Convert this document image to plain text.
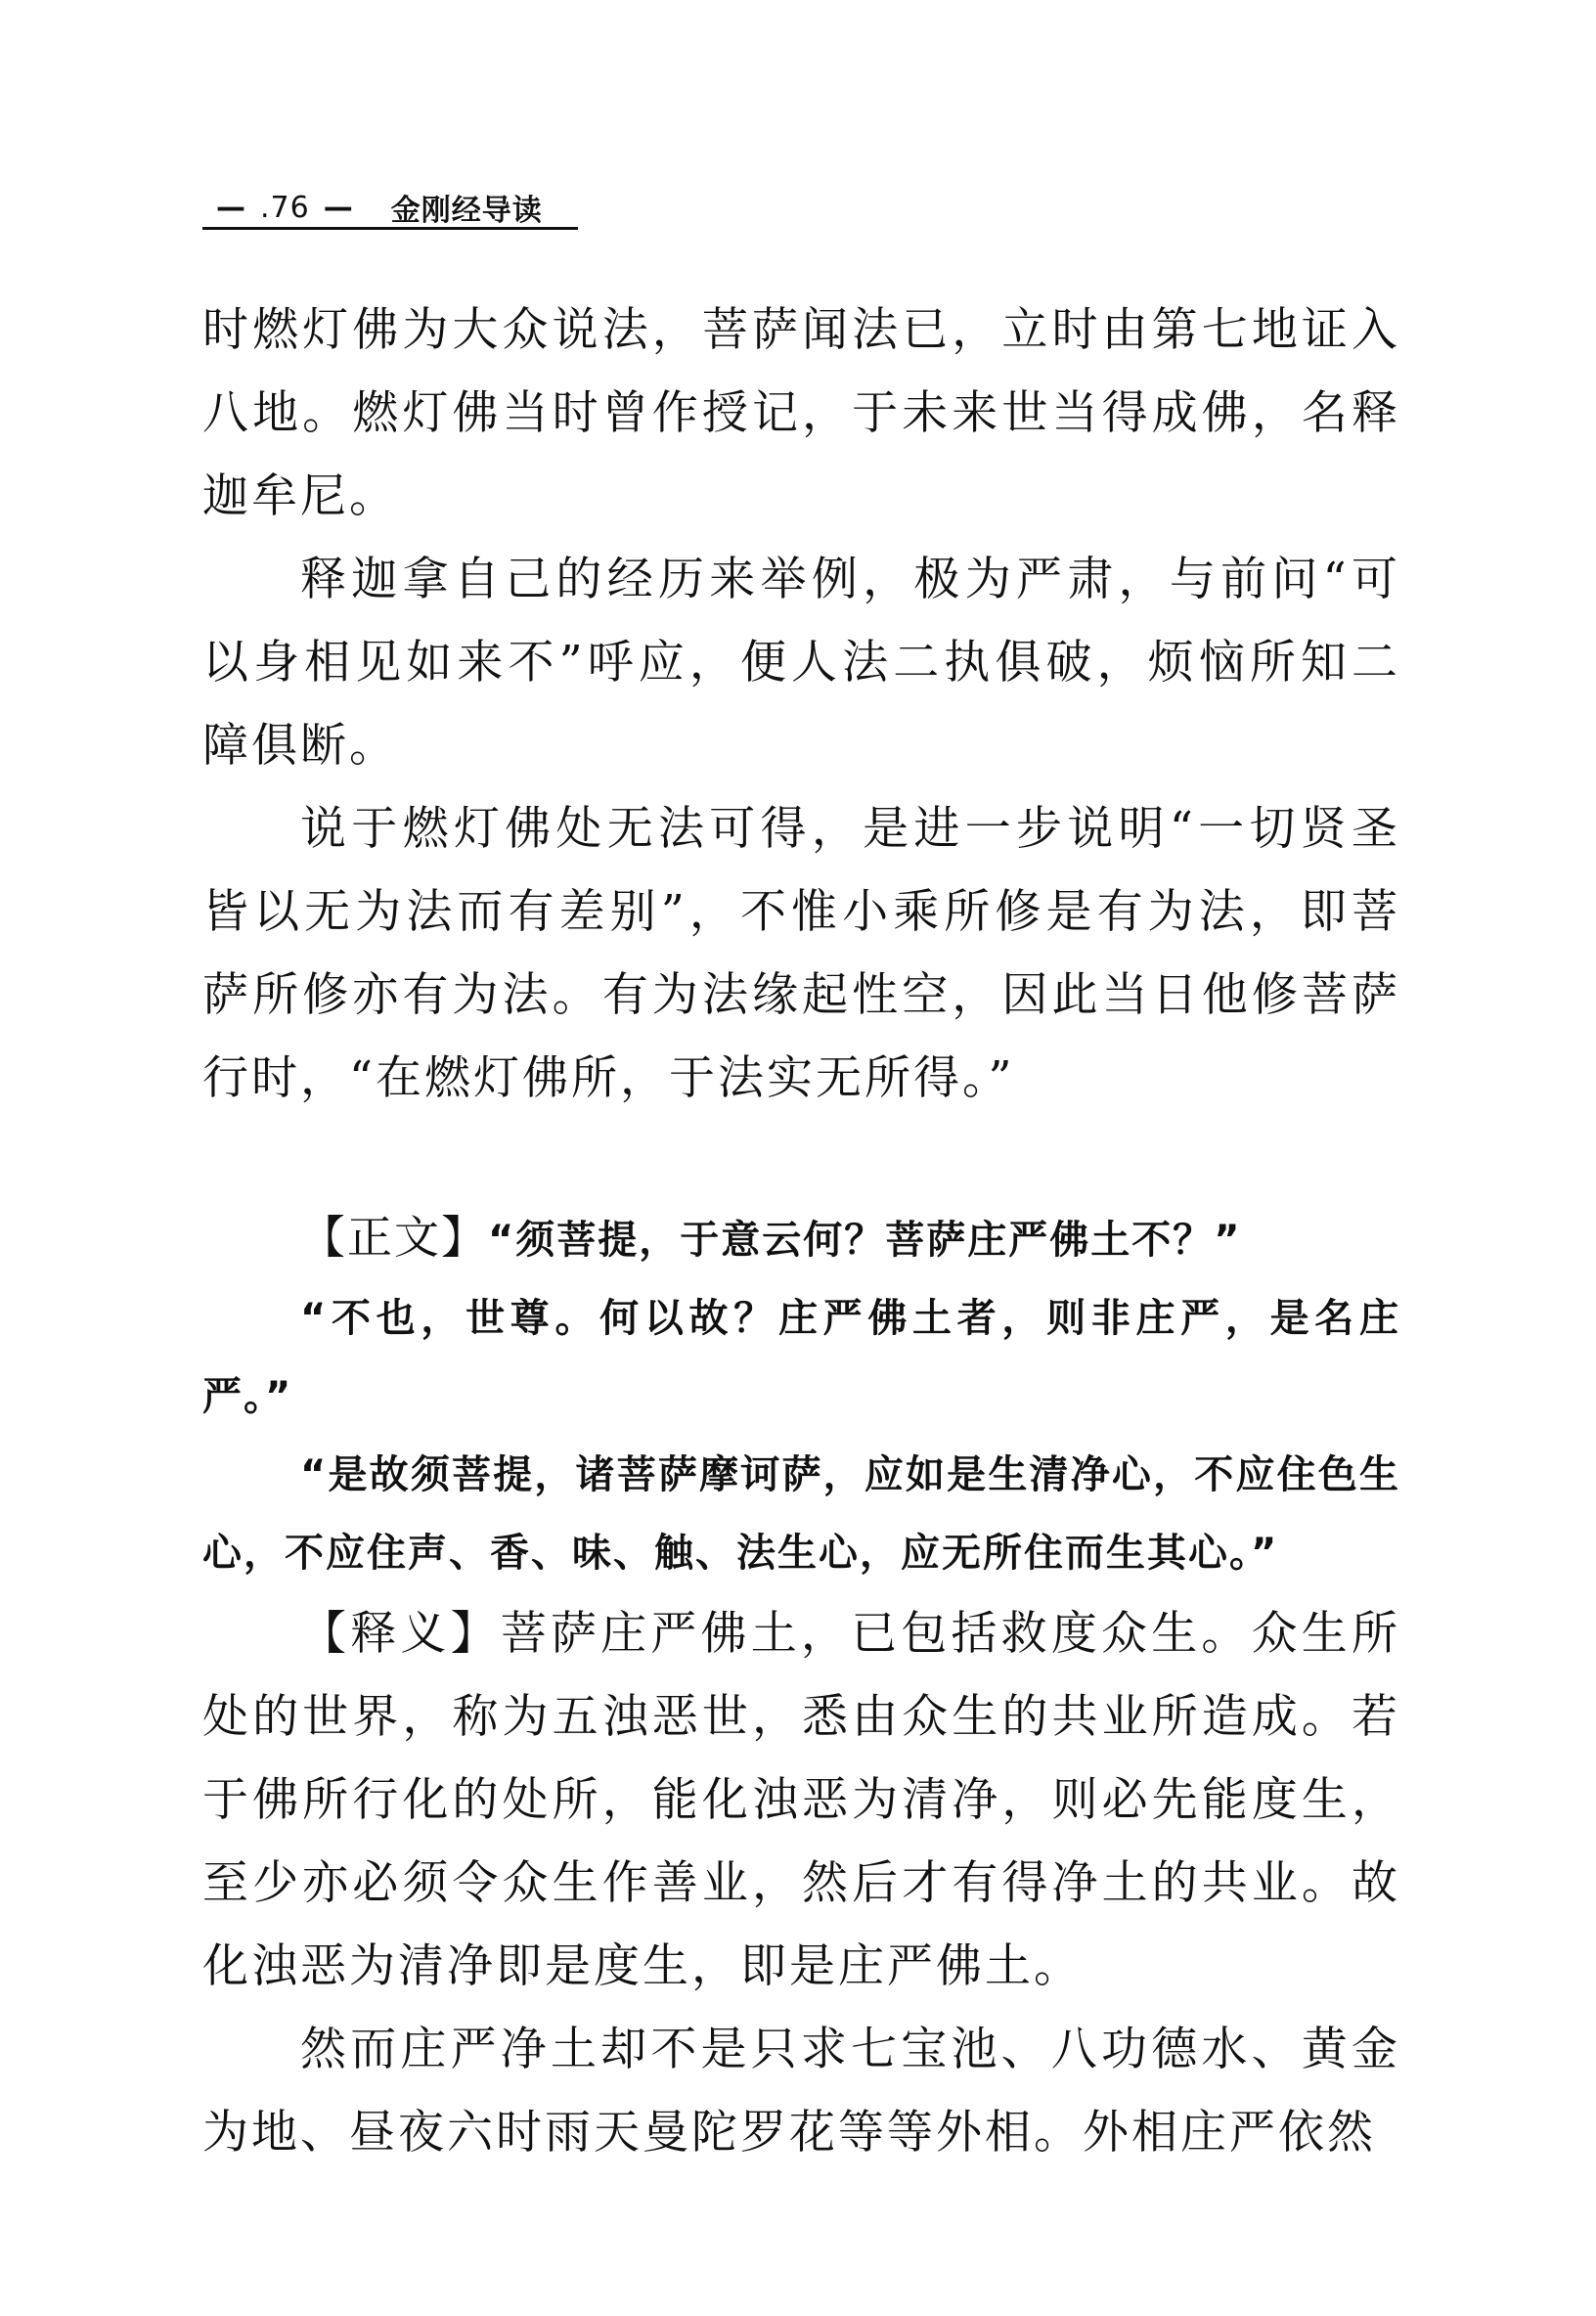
— .76 — 金刚经导读

时燃灯佛为大众说法，菩萨闻法已，立时由第七地证入八地。燃灯佛当时曾作授记，于未来世当得成佛，名释迦牟尼。

释迦拿自己的经历来举例，极为严肃，与前问“可以身相见如来不”呼应，便人法二执俱破，烦恼所知二障俱断。

说于燃灯佛处无法可得，是进一步说明“一切贤圣皆以无为法而有差别”，不惟小乘所修是有为法，即菩萨所修亦有为法。有为法缘起性空，因此当日他修菩萨行时，“在燃灯佛所，于法实无所得。”

【正文】“须菩提，于意云何？菩萨庄严佛土不？”

“不也，世尊。何以故？庄严佛土者，则非庄严，是名庄严。”

“是故须菩提，诸菩萨摩诃萨，应如是生清净心，不应住色生心，不应住声、香、味、触、法生心，应无所住而生其心。”

【释义】菩萨庄严佛土，已包括救度众生。众生所处的世界，称为五浊恶世，悉由众生的共业所造成。若于佛所行化的处所，能化浊恶为清净，则必先能度生，至少亦必须令众生作善业，然后才有得净土的共业。故化浊恶为清净即是度生，即是庄严佛土。

然而庄严净土却不是只求七宝池、八功德水、黄金为地、昼夜六时雨天曼陀罗花等等外相。外相庄严依然
